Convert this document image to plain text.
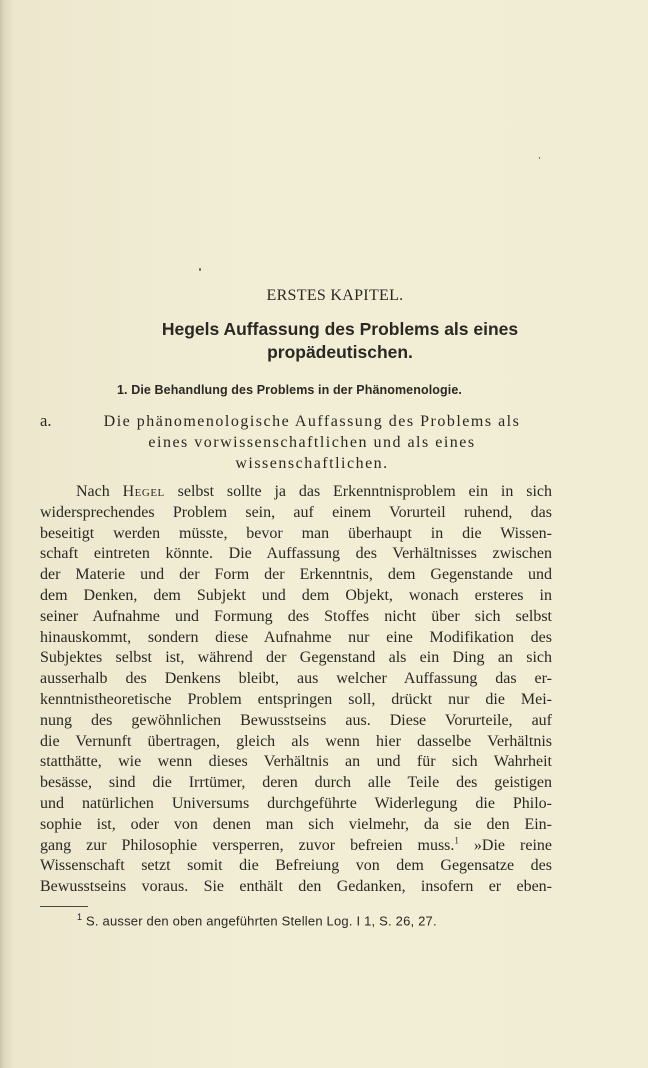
ERSTES KAPITEL.
Hegels Auffassung des Problems als eines
propädeutischen.
1. Die Behandlung des Problems in der Phänomenologie.
a.	Die phänomenologische Auffassung des Problems als
eines vorwissenschaftlichen und als eines
wissenschaftlichen.
Nach Hegel selbst sollte ja das Erkenntnisproblem ein in sich
widersprechendes Problem sein, auf einem Vorurteil ruhend, das
beseitigt werden müsste, bevor man überhaupt in die Wissen-
schaft eintreten könnte. Die Auffassung des Verhältnisses zwischen
der Materie und der Form der Erkenntnis, dem Gegenstande und
dem Denken, dem Subjekt und dem Objekt, wonach ersteres in
seiner Aufnahme und Formung des Stoffes nicht über sich selbst
hinauskommt, sondern diese Aufnahme nur eine Modifikation des
Subjektes selbst ist, während der Gegenstand als ein Ding an sich
ausserhalb des Denkens bleibt, aus welcher Auffassung das er-
kenntnistheoretische Problem entspringen soll, drückt nur die Mei-
nung des gewöhnlichen Bewusstseins aus. Diese Vorurteile, auf
die Vernunft übertragen, gleich als wenn hier dasselbe Verhältnis
statthätte, wie wenn dieses Verhältnis an und für sich Wahrheit
besässe, sind die Irrtümer, deren durch alle Teile des geistigen
und natürlichen Universums durchgeführte Widerlegung die Philo-
sophie ist, oder von denen man sich vielmehr, da sie den Ein-
gang zur Philosophie versperren, zuvor befreien muss.$^1$ »Die reine
Wissenschaft setzt somit die Befreiung von dem Gegensatze des
Bewusstseins voraus. Sie enthält den Gedanken, insofern er eben-
$^1$ S. ausser den oben angeführten Stellen Log. I 1, S. 26, 27.
